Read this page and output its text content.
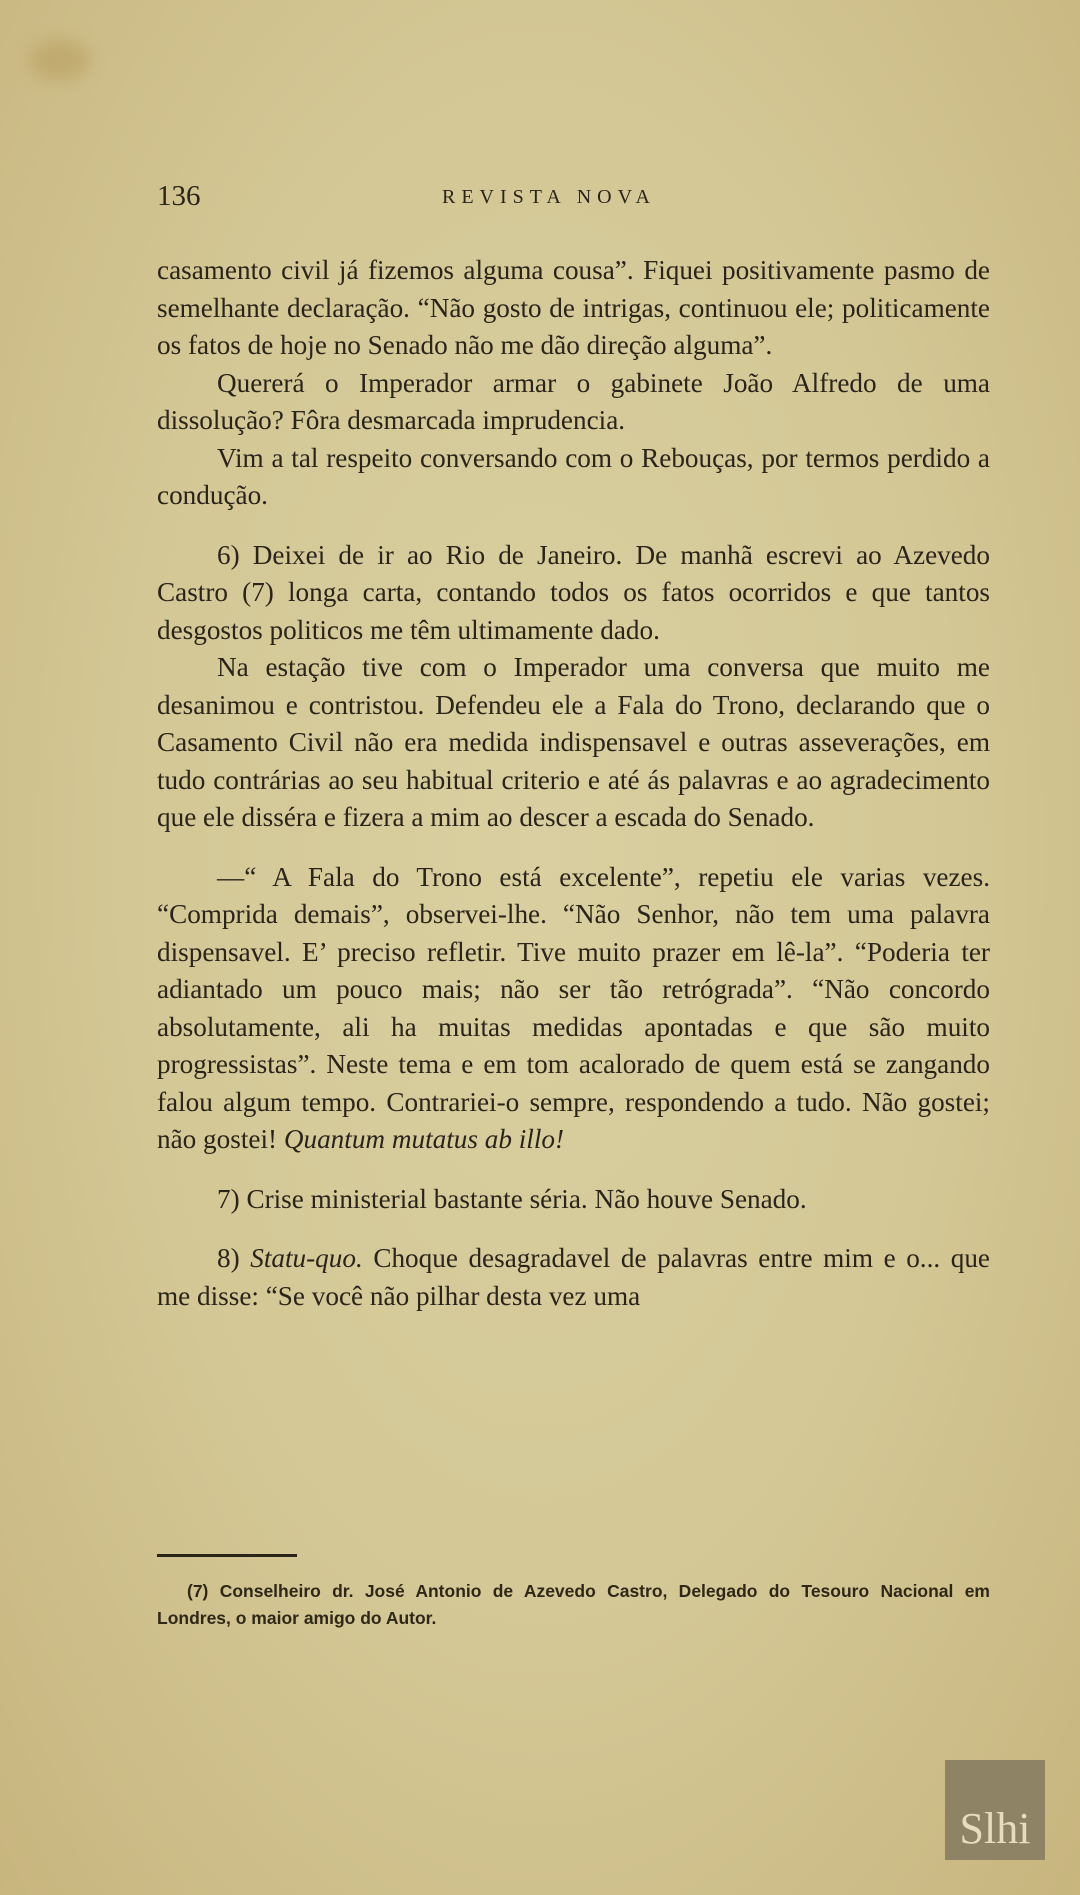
136	REVISTA NOVA

casamento civil já fizemos alguma cousa”. Fiquei positivamente pasmo de semelhante declaração. “Não gosto de intrigas, continuou ele; politicamente os fatos de hoje no Senado não me dão direção alguma”.

Quererá o Imperador armar o gabinete João Alfredo de uma dissolução? Fôra desmarcada imprudencia.

Vim a tal respeito conversando com o Rebouças, por termos perdido a condução.

6) Deixei de ir ao Rio de Janeiro. De manhã escrevi ao Azevedo Castro (7) longa carta, contando todos os fatos ocorridos e que tantos desgostos politicos me têm ultimamente dado.

Na estação tive com o Imperador uma conversa que muito me desanimou e contristou. Defendeu ele a Fala do Trono, declarando que o Casamento Civil não era medida indispensavel e outras asseverações, em tudo contrárias ao seu habitual criterio e até ás palavras e ao agradecimento que ele disséra e fizera a mim ao descer a escada do Senado.

—“ A Fala do Trono está excelente”, repetiu ele varias vezes. “Comprida demais”, observei-lhe. “Não Senhor, não tem uma palavra dispensavel. E’ preciso refletir. Tive muito prazer em lê-la”. “Poderia ter adiantado um pouco mais; não ser tão retrógrada”. “Não concordo absolutamente, ali ha muitas medidas apontadas e que são muito progressistas”. Neste tema e em tom acalorado de quem está se zangando falou algum tempo. Contrariei-o sempre, respondendo a tudo. Não gostei; não gostei! Quantum mutatus ab illo!

7) Crise ministerial bastante séria. Não houve Senado.

8) Statu-quo. Choque desagradavel de palavras entre mim e o... que me disse: “Se você não pilhar desta vez uma

(7) Conselheiro dr. José Antonio de Azevedo Castro, Delegado do Tesouro Nacional em Londres, o maior amigo do Autor.

Slhi
